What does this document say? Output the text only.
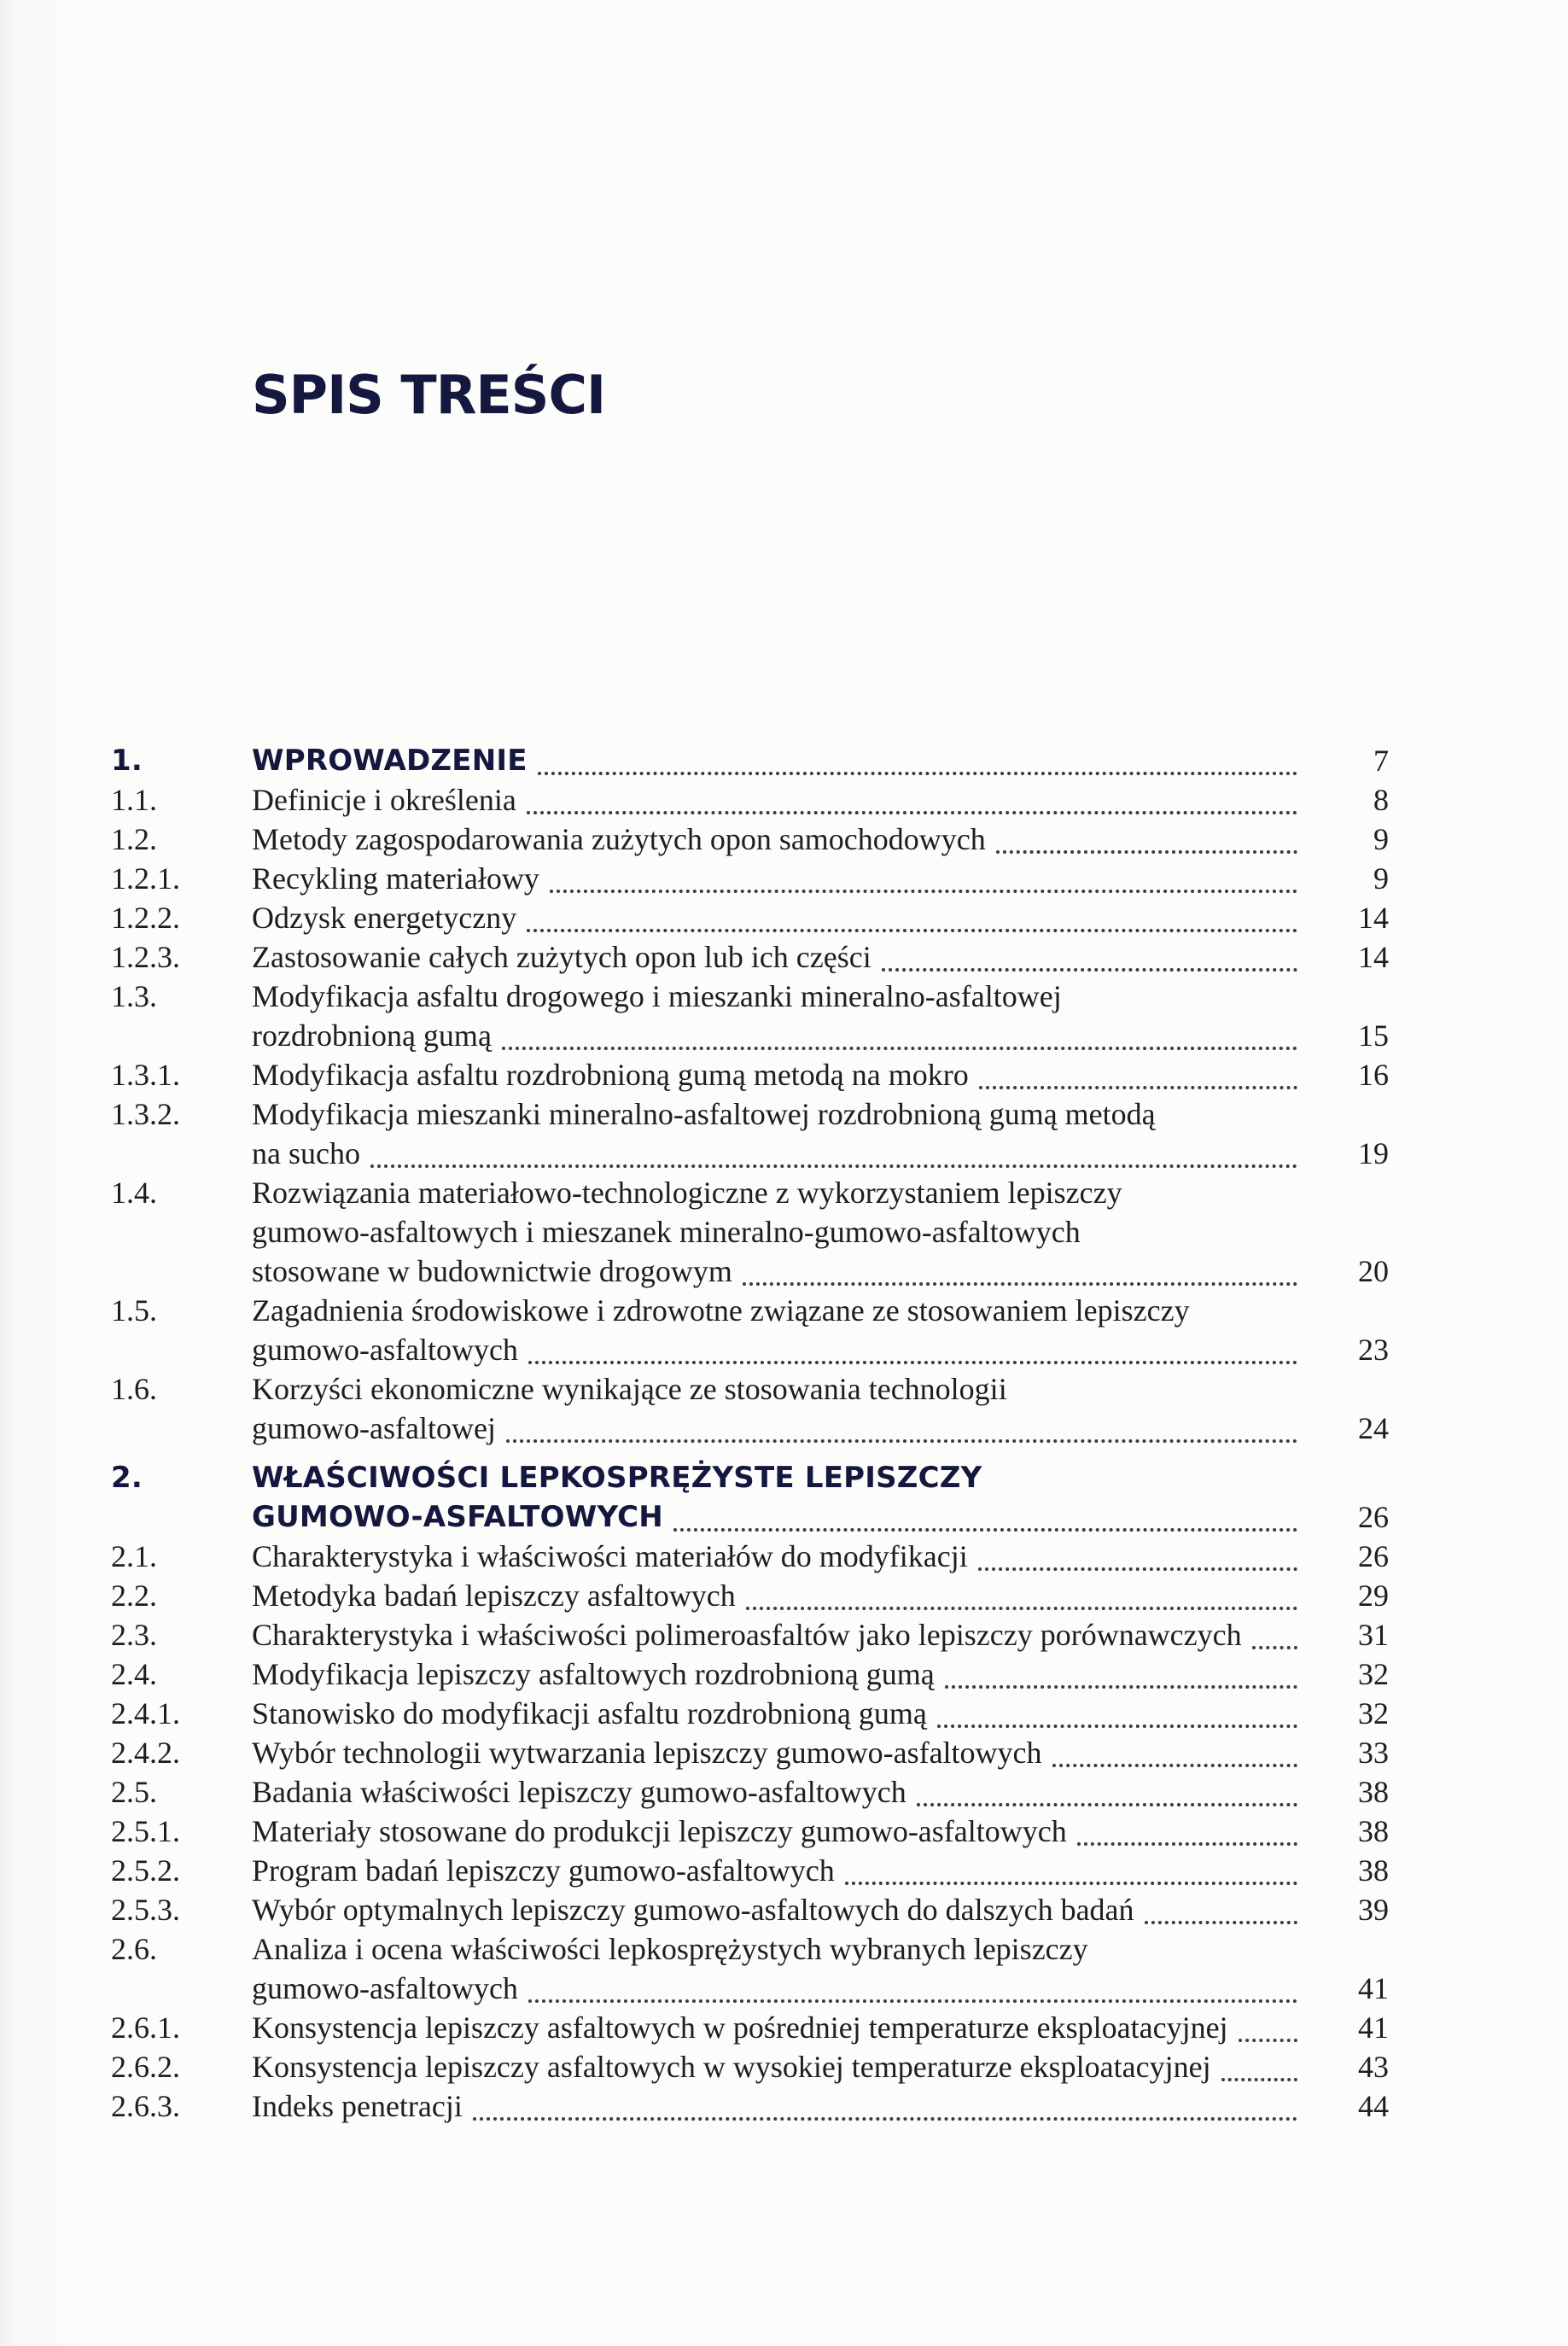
SPIS TREŚCI
1.	WPROWADZENIE	7
1.1.	Definicje i określenia	8
1.2.	Metody zagospodarowania zużytych opon samochodowych	9
1.2.1. Recykling materiałowy	9
1.2.2. Odzysk energetyczny	14
1.2.3. Zastosowanie całych zużytych opon lub ich części	14
1.3.	Modyfikacja asfaltu drogowego i mieszanki mineralno-asfaltowej
rozdrobnioną gumą	15
1.3.1. Modyfikacja asfaltu rozdrobnioną gumą metodą na mokro	16
1.3.2. Modyfikacja mieszanki mineralno-asfaltowej rozdrobnioną gumą metodą
na sucho	19
1.4.	Rozwiązania materiałowo-technologiczne z wykorzystaniem lepiszczy
gumowo-asfaltowych i mieszanek mineralno-gumowo-asfaltowych
stosowane w budownictwie drogowym	20
1.5.	Zagadnienia środowiskowe i zdrowotne związane ze stosowaniem lepiszczy
gumowo-asfaltowych	23
1.6.	Korzyści ekonomiczne wynikające ze stosowania technologii
gumowo-asfaltowej	24
2.	WŁAŚCIWOŚCI LEPKOSPRĘŻYSTE LEPISZCZY
GUMOWO-ASFALTOWYCH	26
2.1.	Charakterystyka i właściwości materiałów do modyfikacji	26
2.2.	Metodyka badań lepiszczy asfaltowych	29
2.3.	Charakterystyka i właściwości polimeroasfaltów jako lepiszczy porównawczych	31
2.4.	Modyfikacja lepiszczy asfaltowych rozdrobnioną gumą	32
2.4.1. Stanowisko do modyfikacji asfaltu rozdrobnioną gumą	32
2.4.2. Wybór technologii wytwarzania lepiszczy gumowo-asfaltowych	33
2.5.	Badania właściwości lepiszczy gumowo-asfaltowych	38
2.5.1. Materiały stosowane do produkcji lepiszczy gumowo-asfaltowych	38
2.5.2. Program badań lepiszczy gumowo-asfaltowych	38
2.5.3. Wybór optymalnych lepiszczy gumowo-asfaltowych do dalszych badań	39
2.6.	Analiza i ocena właściwości lepkosprężystych wybranych lepiszczy
gumowo-asfaltowych	41
2.6.1. Konsystencja lepiszczy asfaltowych w pośredniej temperaturze eksploatacyjnej	41
2.6.2. Konsystencja lepiszczy asfaltowych w wysokiej temperaturze eksploatacyjnej	43
2.6.3. Indeks penetracji	44
